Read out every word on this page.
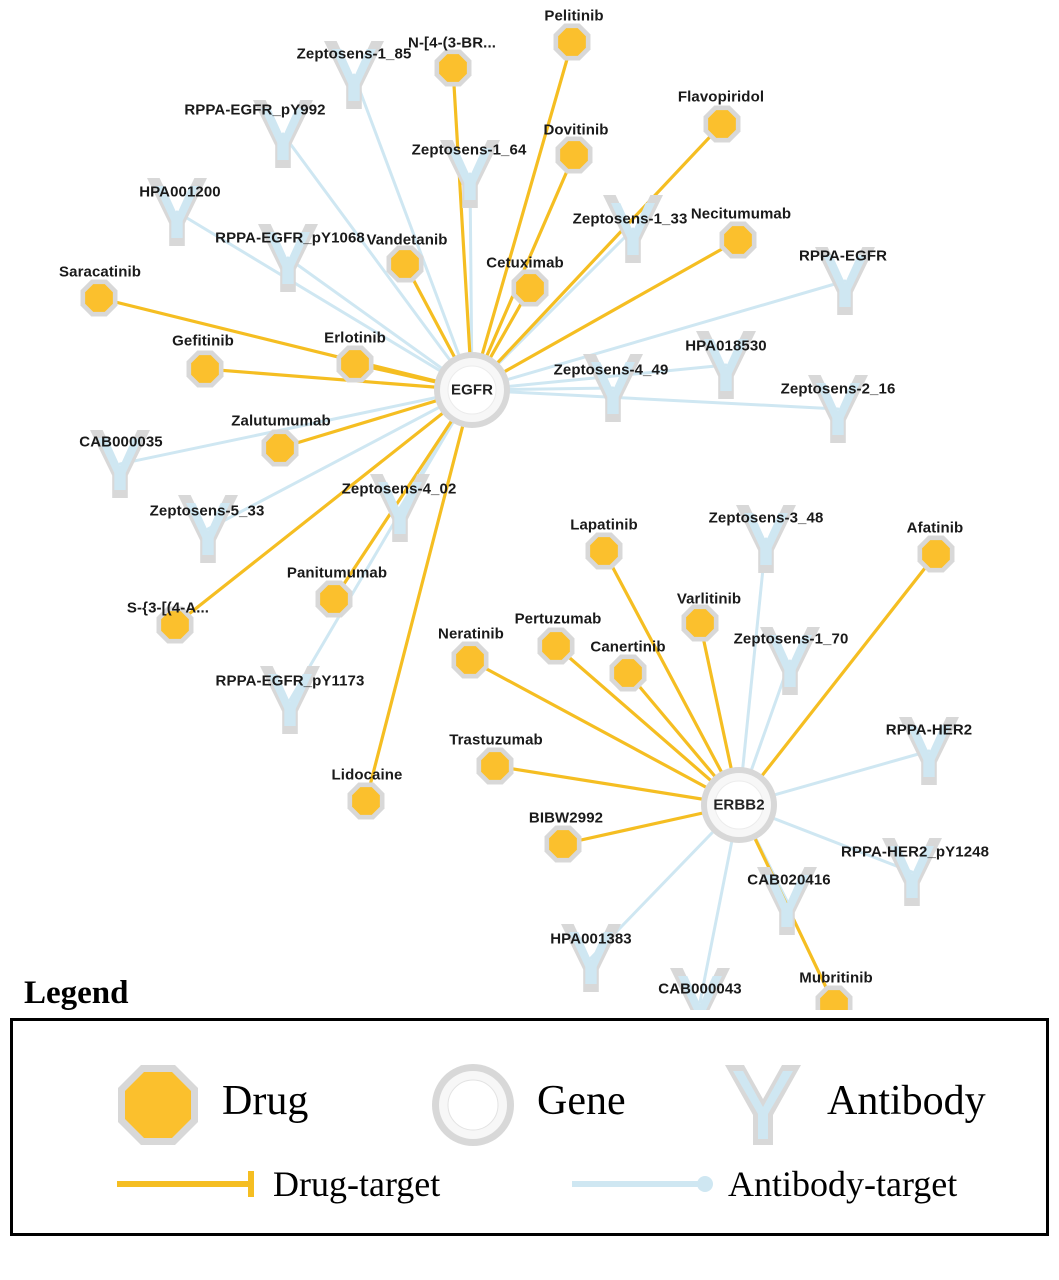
Zeptosens-1_85
RPPA-EGFR_pY992
Zeptosens-1_64
HPA001200
Zeptosens-1_33
RPPA-EGFR_pY1068
RPPA-EGFR
HPA018530
Zeptosens-4_49
Zeptosens-2_16
CAB000035
Zeptosens-4_02
Zeptosens-5_33	Zeptosens-3_48
Zeptosens-1_70
RPPA-EGFR_pY1173
RPPA-HER2
RPPA-HER2_pY1248
CAB020416
HPA001383
CAB000043
Pelitinib
N-[4-(3-BR...
Flavopiridol
Dovitinib
Necitumumab
Vandetanib
Cetuximab
Saracatinib
Gefitinib	Erlotinib
Zalutumumab
Lapatinib	Afatinib
Varlitinib
Panitumumab
S-{3-[(4-A...
Pertuzumab
Canertinib
Neratinib
Trastuzumab
Lidocaine
BIBW2992
Mubritinib
EGFR
ERBB2
Legend
Drug	Gene	Antibody
Drug-target	Antibody-target
